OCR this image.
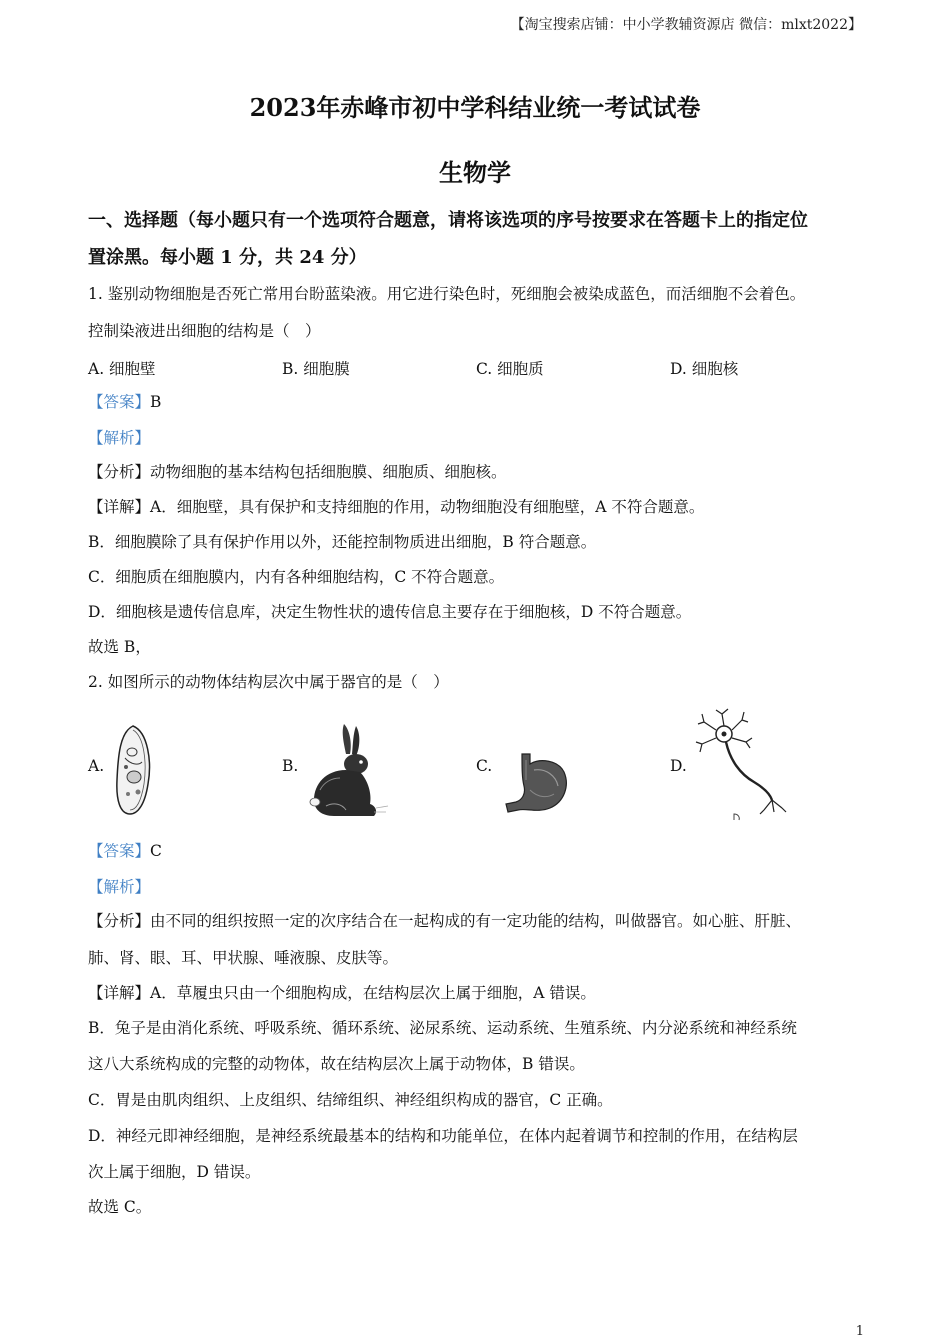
【淘宝搜索店铺：中小学教辅资源店 微信：mlxt2022】
2023年赤峰市初中学科结业统一考试试卷
生物学
一、选择题（每小题只有一个选项符合题意，请将该选项的序号按要求在答题卡上的指定位
置涂黑。每小题 1 分，共 24 分）
1. 鉴别动物细胞是否死亡常用台盼蓝染液。用它进行染色时，死细胞会被染成蓝色，而活细胞不会着色。
控制染液进出细胞的结构是（　）
A. 细胞壁	B. 细胞膜	C. 细胞质	D. 细胞核
【答案】B
【解析】
【分析】动物细胞的基本结构包括细胞膜、细胞质、细胞核。
【详解】A．细胞壁，具有保护和支持细胞的作用，动物细胞没有细胞壁，A 不符合题意。
B．细胞膜除了具有保护作用以外，还能控制物质进出细胞，B 符合题意。
C．细胞质在细胞膜内，内有各种细胞结构，C 不符合题意。
D．细胞核是遗传信息库，决定生物性状的遗传信息主要存在于细胞核，D 不符合题意。
故选 B，
2. 如图所示的动物体结构层次中属于器官的是（　）
A.	B.	C.	D.
【答案】C
【解析】
【分析】由不同的组织按照一定的次序结合在一起构成的有一定功能的结构，叫做器官。如心脏、肝脏、
肺、肾、眼、耳、甲状腺、唾液腺、皮肤等。
【详解】A．草履虫只由一个细胞构成，在结构层次上属于细胞，A 错误。
B．兔子是由消化系统、呼吸系统、循环系统、泌尿系统、运动系统、生殖系统、内分泌系统和神经系统
这八大系统构成的完整的动物体，故在结构层次上属于动物体，B 错误。
C．胃是由肌肉组织、上皮组织、结缔组织、神经组织构成的器官，C 正确。
D．神经元即神经细胞，是神经系统最基本的结构和功能单位，在体内起着调节和控制的作用，在结构层
次上属于细胞，D 错误。
故选 C。
1
